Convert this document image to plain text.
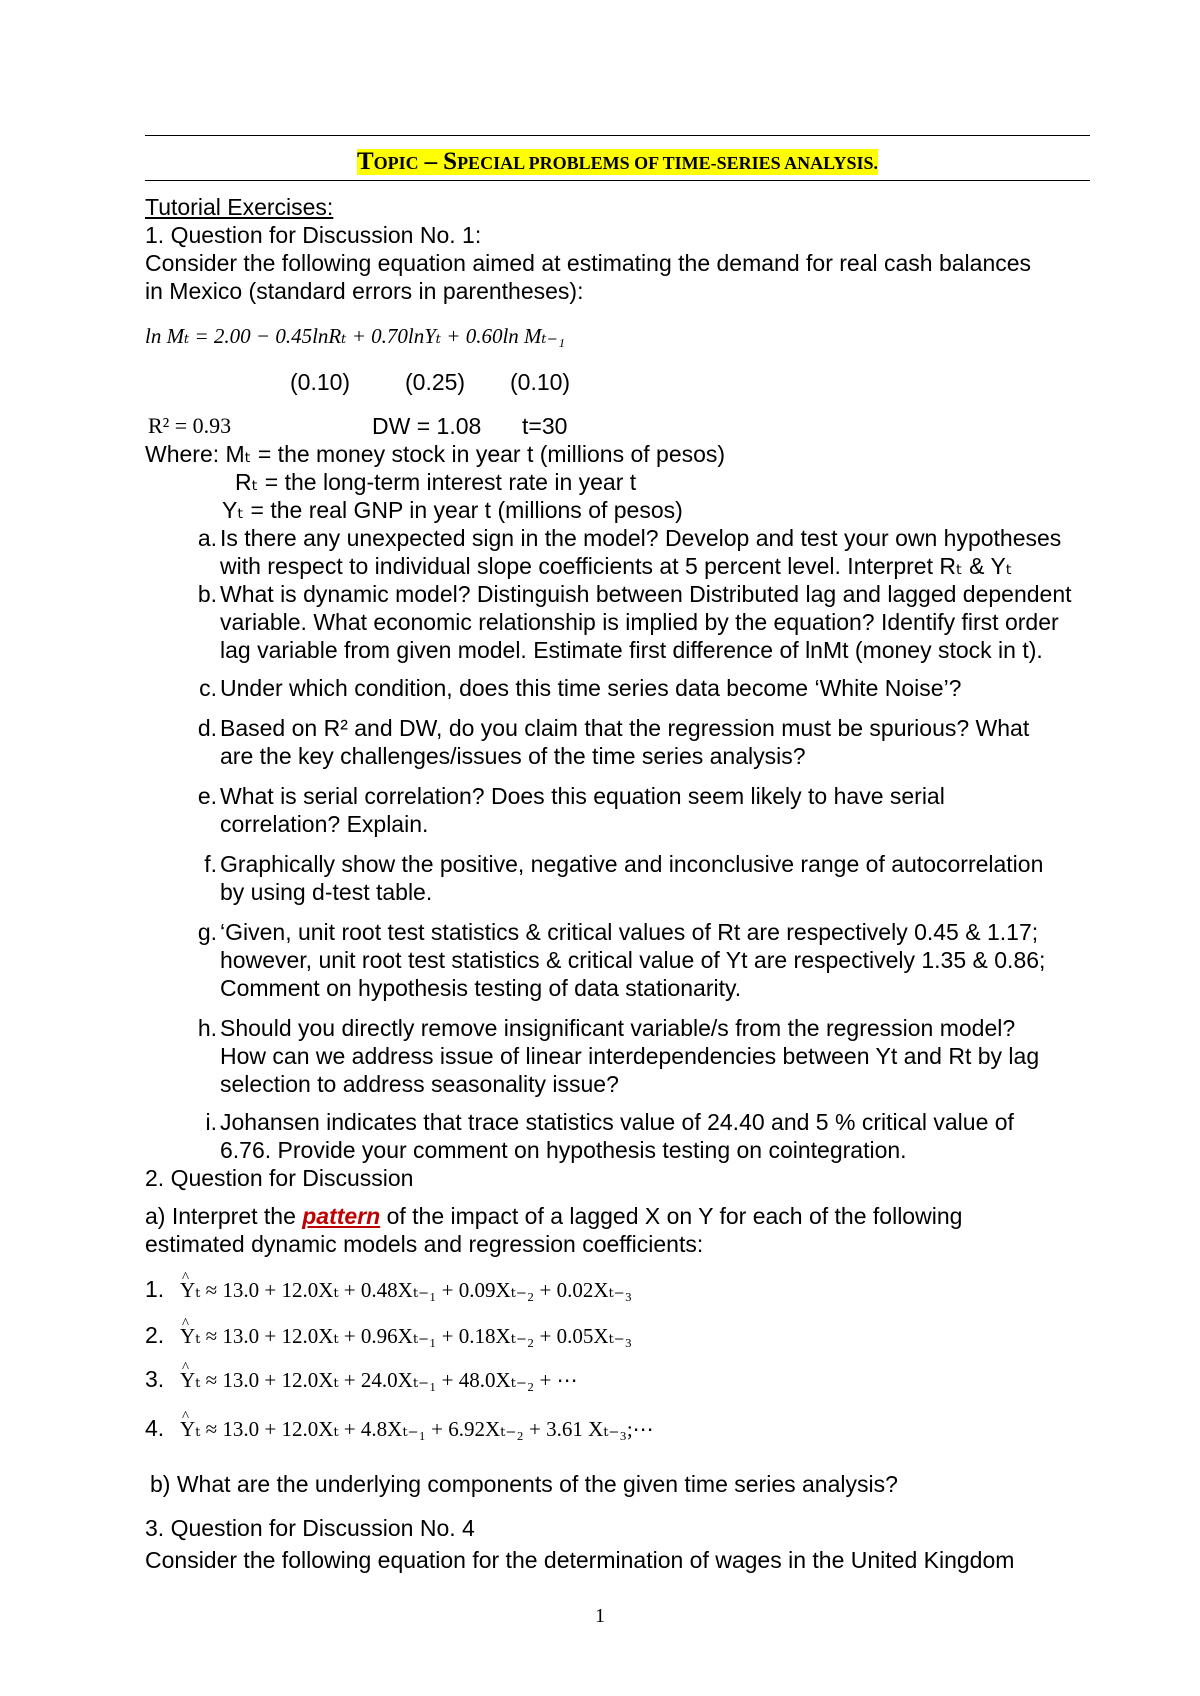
TOPIC – SPECIAL PROBLEMS OF TIME-SERIES ANALYSIS.
Tutorial Exercises:
1. Question for Discussion No. 1:
Consider the following equation aimed at estimating the demand for real cash balances
in Mexico (standard errors in parentheses):
ln Mₜ = 2.00 − 0.45lnRₜ + 0.70lnYₜ + 0.60ln Mₜ₋₁
(0.10) (0.25) (0.10)
R² = 0.93	DW = 1.08 t=30
Where: Mₜ = the money stock in year t (millions of pesos)
Rₜ = the long-term interest rate in year t
Yₜ = the real GNP in year t (millions of pesos)
a. Is there any unexpected sign in the model? Develop and test your own hypotheses
with respect to individual slope coefficients at 5 percent level. Interpret Rₜ & Yₜ
b. What is dynamic model? Distinguish between Distributed lag and lagged dependent
variable. What economic relationship is implied by the equation? Identify first order
lag variable from given model. Estimate first difference of lnMt (money stock in t).
c. Under which condition, does this time series data become ‘White Noise’?
d. Based on R² and DW, do you claim that the regression must be spurious? What
are the key challenges/issues of the time series analysis?
e. What is serial correlation? Does this equation seem likely to have serial
correlation? Explain.
f. Graphically show the positive, negative and inconclusive range of autocorrelation
by using d-test table.
g. ‘Given, unit root test statistics & critical values of Rt are respectively 0.45 & 1.17;
however, unit root test statistics & critical value of Yt are respectively 1.35 & 0.86;
Comment on hypothesis testing of data stationarity.
h. Should you directly remove insignificant variable/s from the regression model?
How can we address issue of linear interdependencies between Yt and Rt by lag
selection to address seasonality issue?
i. Johansen indicates that trace statistics value of 24.40 and 5 % critical value of
6.76. Provide your comment on hypothesis testing on cointegration.
2. Question for Discussion
a) Interpret the pattern of the impact of a lagged X on Y for each of the following
estimated dynamic models and regression coefficients:
1. ^ Yₜ ≈ 13.0 + 12.0Xₜ + 0.48Xₜ₋₁ + 0.09Xₜ₋₂ + 0.02Xₜ₋₃
2. ^ Yₜ ≈ 13.0 + 12.0Xₜ + 0.96Xₜ₋₁ + 0.18Xₜ₋₂ + 0.05Xₜ₋₃
3. ^ Yₜ ≈ 13.0 + 12.0Xₜ + 24.0Xₜ₋₁ + 48.0Xₜ₋₂ + ⋯
4. ^ Yₜ ≈ 13.0 + 12.0Xₜ + 4.8Xₜ₋₁ + 6.92Xₜ₋₂ + 3.61 Xₜ₋₃;⋯
b) What are the underlying components of the given time series analysis?
3. Question for Discussion No. 4
Consider the following equation for the determination of wages in the United Kingdom
1
